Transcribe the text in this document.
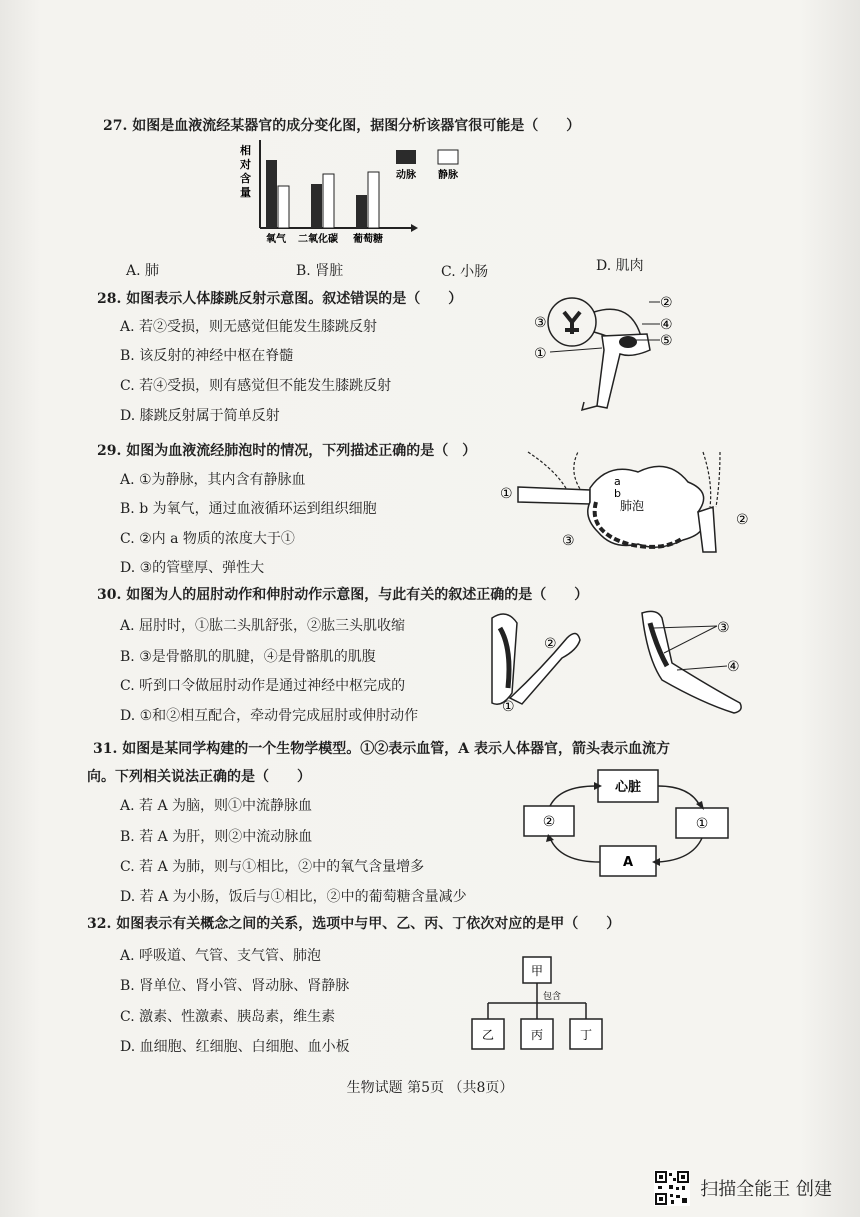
27. 如图是血液流经某器官的成分变化图，据图分析该器官很可能是（　　）
相
对
含
量
氧气 二氧化碳 葡萄糖
动脉 静脉
A. 肺	B. 肾脏	C. 小肠	D. 肌肉
28. 如图表示人体膝跳反射示意图。叙述错误的是（　　）
A. 若②受损，则无感觉但能发生膝跳反射
B. 该反射的神经中枢在脊髓
C. 若④受损，则有感觉但不能发生膝跳反射
D. 膝跳反射属于简单反射
②
③	④
⑤
①
29. 如图为血液流经肺泡时的情况，下列描述正确的是（　）
A. ①为静脉，其内含有静脉血
B. b 为氧气，通过血液循环运到组织细胞
C. ②内 a 物质的浓度大于①
D. ③的管壁厚、弹性大
①
a
b
肺泡
③
②
30. 如图为人的屈肘动作和伸肘动作示意图，与此有关的叙述正确的是（　　）
A. 屈肘时，①肱二头肌舒张，②肱三头肌收缩
B. ③是骨骼肌的肌腱，④是骨骼肌的肌腹
C. 听到口令做屈肘动作是通过神经中枢完成的
D. ①和②相互配合，牵动骨完成屈肘或伸肘动作
②
①
③
④
31. 如图是某同学构建的一个生物学模型。①②表示血管，A 表示人体器官，箭头表示血流方
向。下列相关说法正确的是（　　）
A. 若 A 为脑，则①中流静脉血
B. 若 A 为肝，则②中流动脉血
C. 若 A 为肺，则与①相比，②中的氧气含量增多
D. 若 A 为小肠，饭后与①相比，②中的葡萄糖含量减少
心脏
②	①
A
32. 如图表示有关概念之间的关系，选项中与甲、乙、丙、丁依次对应的是甲（　　）
A. 呼吸道、气管、支气管、肺泡
B. 肾单位、肾小管、肾动脉、肾静脉
C. 激素、性激素、胰岛素，维生素
D. 血细胞、红细胞、白细胞、血小板
甲
包含
乙	丙	丁
生物试题 第5页 （共8页）
扫描全能王 创建
